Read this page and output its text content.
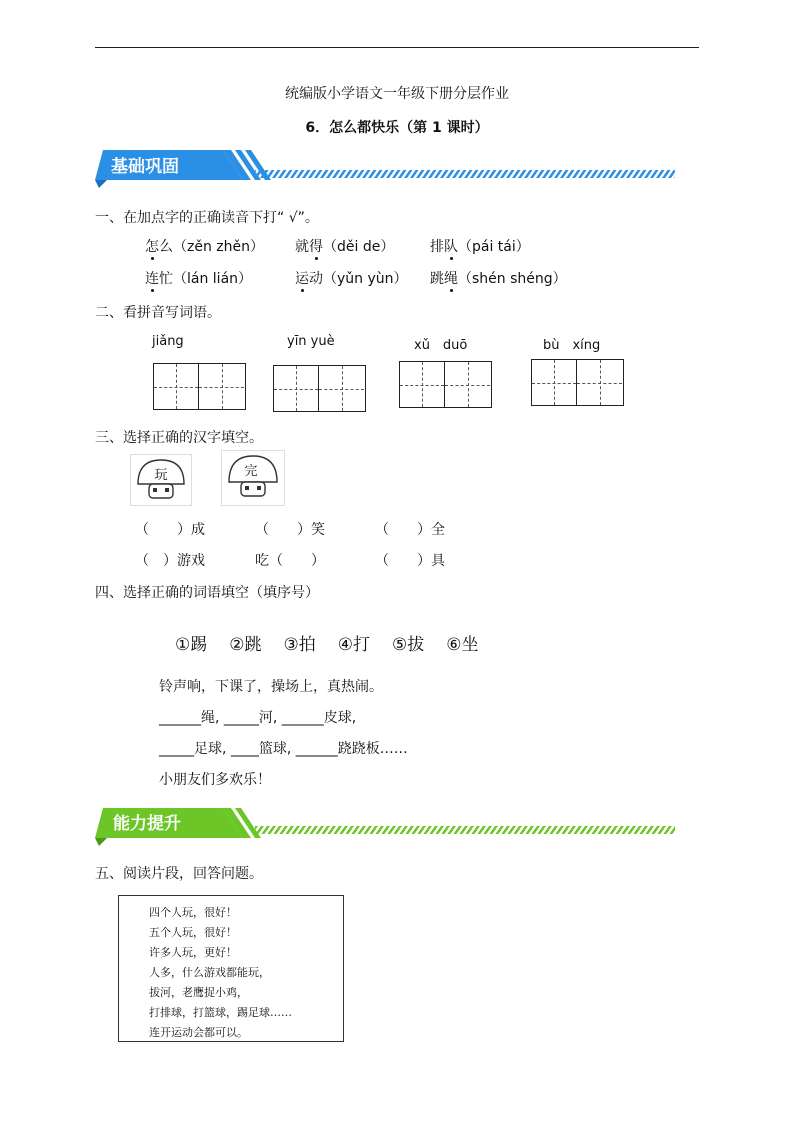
统编版小学语文一年级下册分层作业
6．怎么都快乐（第 1 课时）
基础巩固
一、在加点字的正确读音下打“ √”。
怎么（zěn zhěn） 就得（děi de）	排队（pái tái）
连忙（lán lián）	运动（yǔn yùn） 跳绳（shén shéng）
二、看拼音写词语。
jiǎng	yīn yuè	xǔ　duō	bù　xíng
三、选择正确的汉字填空。
玩	完
（　　）成	（　　）笑	（　　）全
（　）游戏	吃（　　）	（　　）具
四、选择正确的词语填空（填序号）
①踢 ②跳 ③拍 ④打 ⑤拔 ⑥坐
铃声响，下课了，操场上，真热闹。
______绳, _____河, ______皮球,
_____足球, ____篮球, ______跷跷板……
小朋友们多欢乐！
能力提升
五、阅读片段，回答问题。
四个人玩，很好！
五个人玩，很好！
许多人玩，更好！
人多，什么游戏都能玩，
拔河，老鹰捉小鸡，
打排球，打篮球，踢足球……
连开运动会都可以。
